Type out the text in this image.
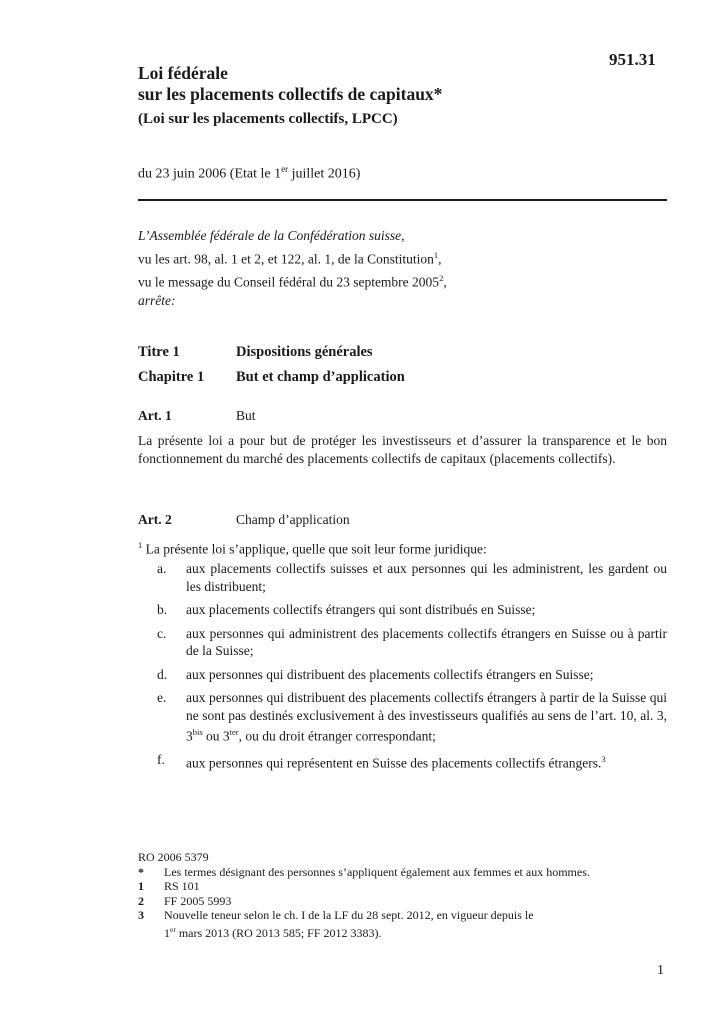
951.31
Loi fédérale
sur les placements collectifs de capitaux*
(Loi sur les placements collectifs, LPCC)
du 23 juin 2006 (Etat le 1er juillet 2016)
L’Assemblée fédérale de la Confédération suisse,
vu les art. 98, al. 1 et 2, et 122, al. 1, de la Constitution$^1$,
vu le message du Conseil fédéral du 23 septembre 2005$^2$,
arrête:
Titre 1	Dispositions générales
Chapitre 1 But et champ d’application
Art. 1	But
La présente loi a pour but de protéger les investisseurs et d’assurer la transparence et le bon fonctionnement du marché des placements collectifs de capitaux (placements collectifs).
Art. 2	Champ d’application
$^1$ La présente loi s’applique, quelle que soit leur forme juridique:
a. aux placements collectifs suisses et aux personnes qui les administrent, les gardent ou les distribuent;
b. aux placements collectifs étrangers qui sont distribués en Suisse;
c. aux personnes qui administrent des placements collectifs étrangers en Suisse ou à partir de la Suisse;
d. aux personnes qui distribuent des placements collectifs étrangers en Suisse;
e. aux personnes qui distribuent des placements collectifs étrangers à partir de la Suisse qui ne sont pas destinés exclusivement à des investisseurs qualifiés au sens de l’art. 10, al. 3, $3^{bis}$ ou $3^{ter}$, ou du droit étranger correspondant;
f. aux personnes qui représentent en Suisse des placements collectifs étrangers.$^3$
RO 2006 5379
* Les termes désignant des personnes s’appliquent également aux femmes et aux hommes.
1 RS 101
2 FF 2005 5993
3 Nouvelle teneur selon le ch. I de la LF du 28 sept. 2012, en vigueur depuis le
1er mars 2013 (RO 2013 585; FF 2012 3383).
1
